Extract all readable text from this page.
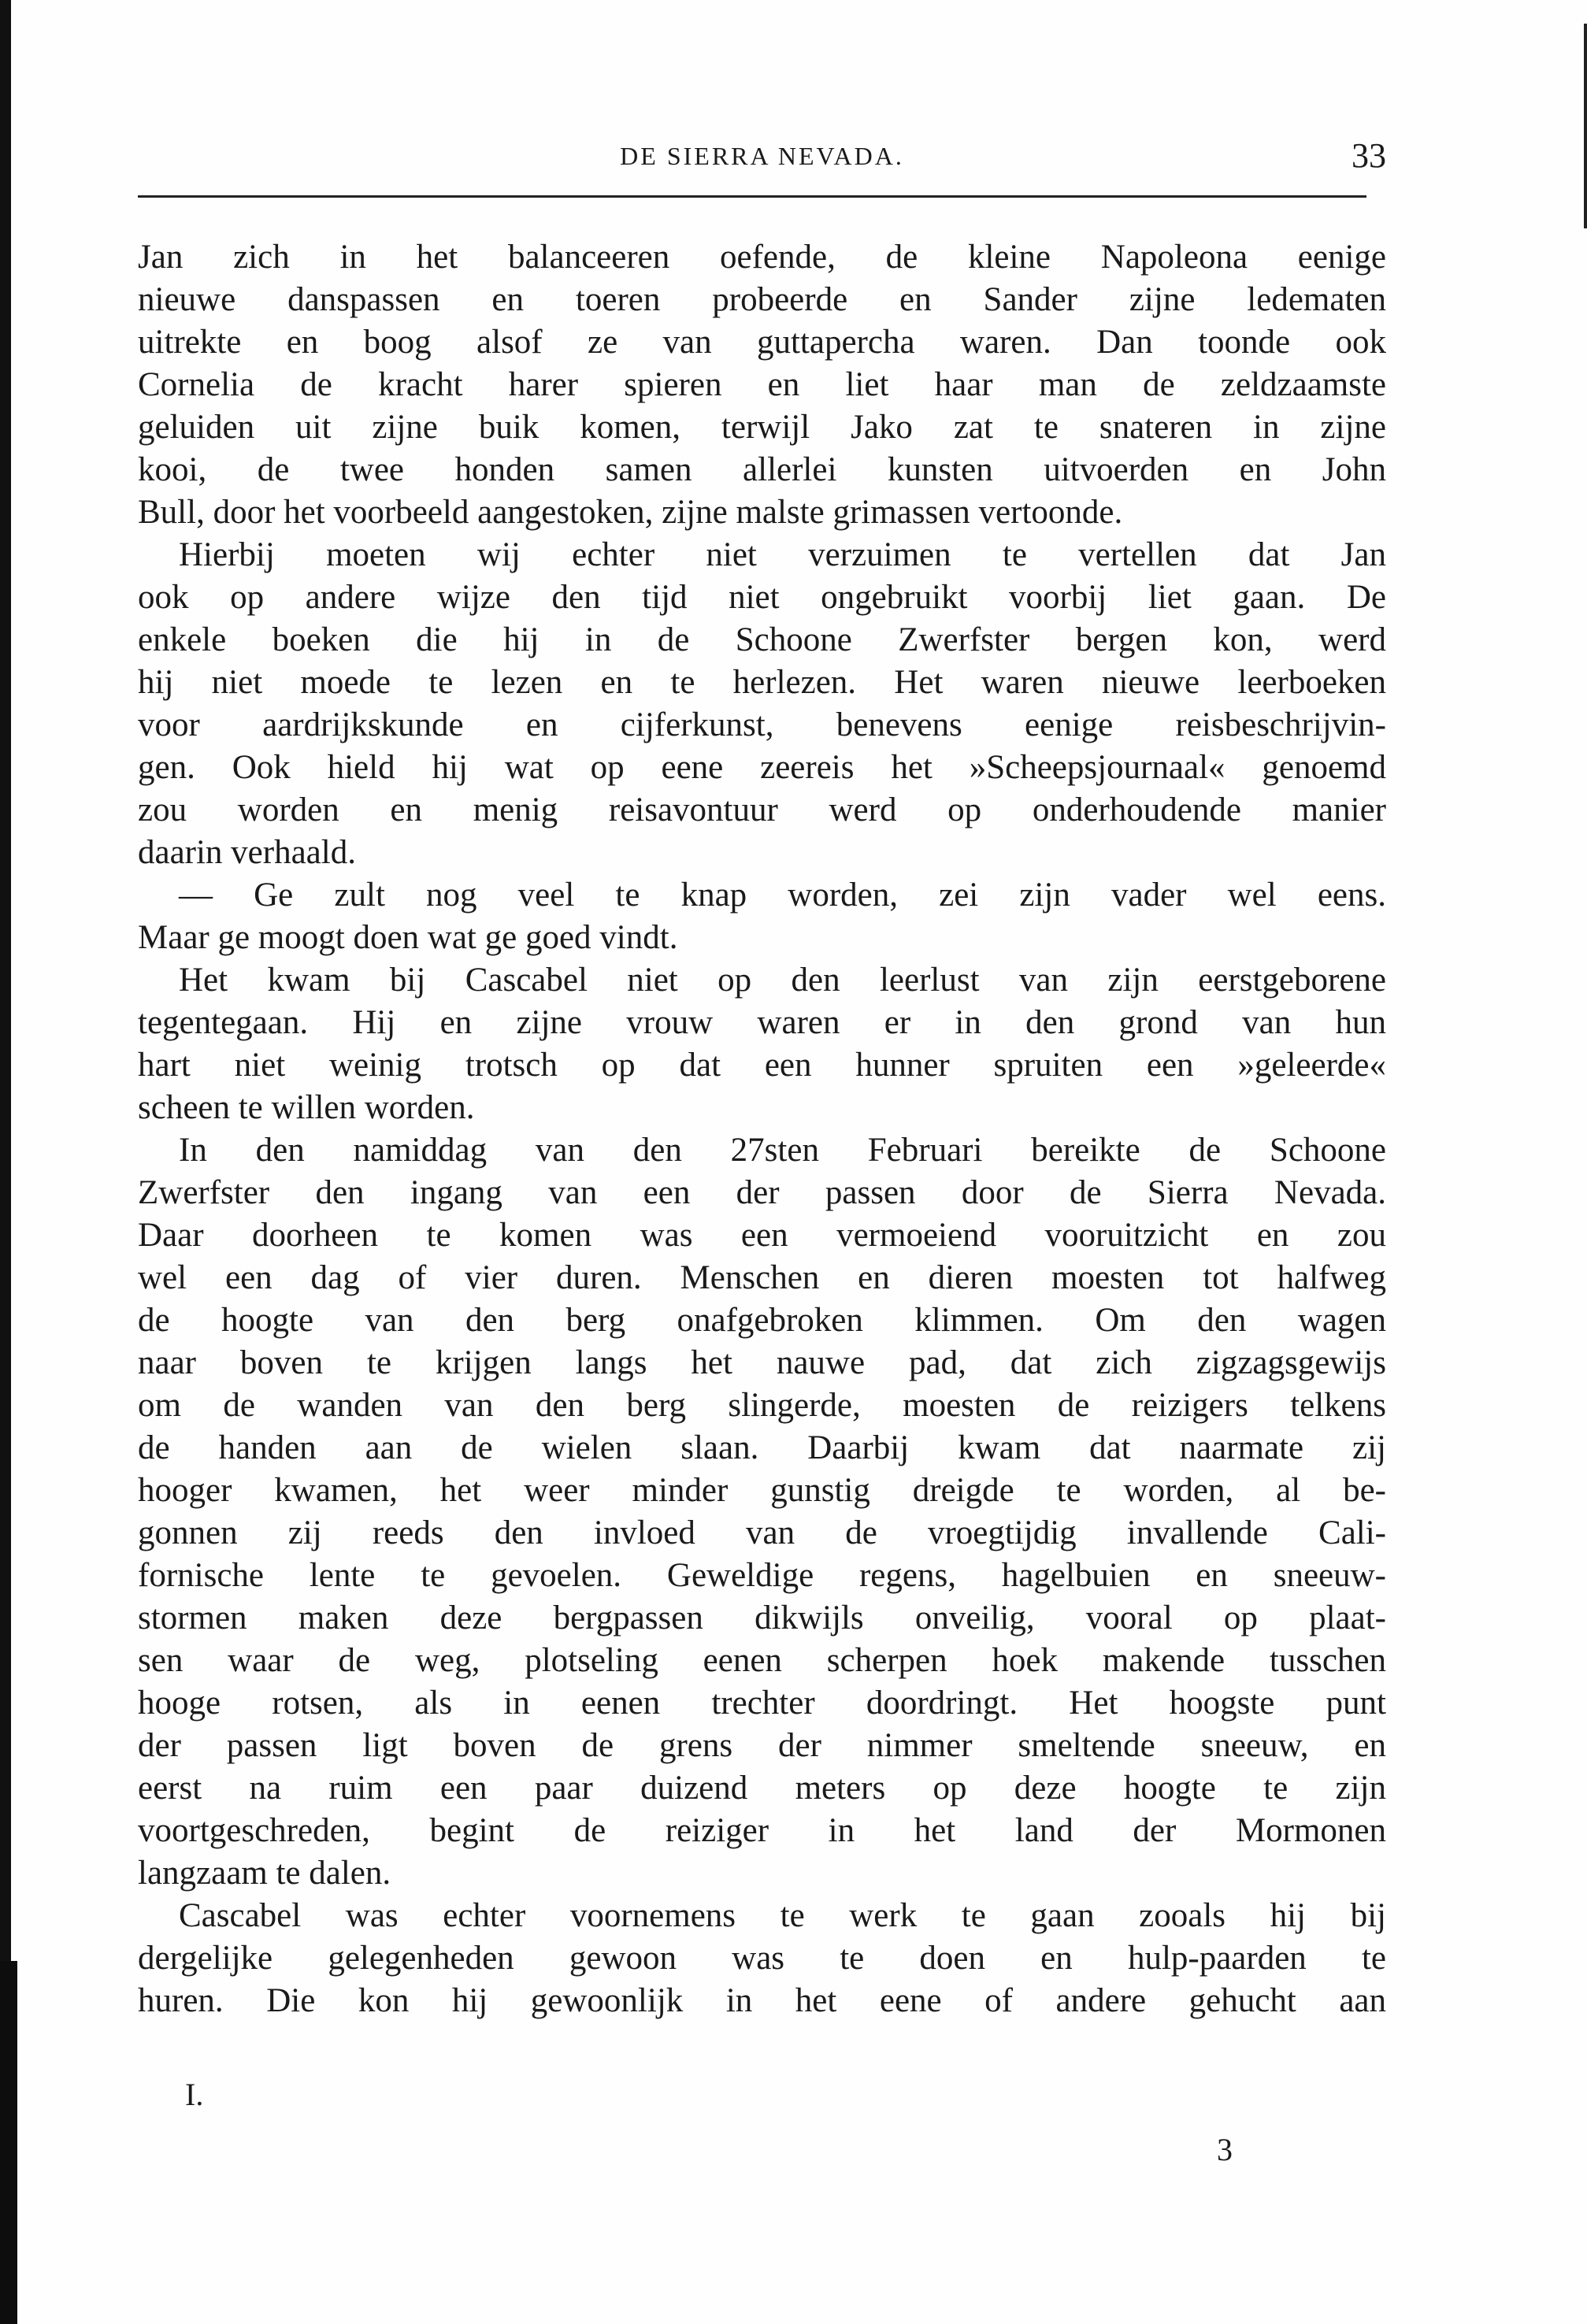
DE SIERRA NEVADA.	33
Jan zich in het balanceeren oefende, de kleine Napoleona eenige
nieuwe danspassen en toeren probeerde en Sander zijne ledematen
uitrekte en boog alsof ze van guttapercha waren. Dan toonde ook
Cornelia de kracht harer spieren en liet haar man de zeldzaamste
geluiden uit zijne buik komen, terwijl Jako zat te snateren in zijne
kooi, de twee honden samen allerlei kunsten uitvoerden en John
Bull, door het voorbeeld aangestoken, zijne malste grimassen vertoonde.
Hierbij moeten wij echter niet verzuimen te vertellen dat Jan
ook op andere wijze den tijd niet ongebruikt voorbij liet gaan. De
enkele boeken die hij in de Schoone Zwerfster bergen kon, werd
hij niet moede te lezen en te herlezen. Het waren nieuwe leerboeken
voor aardrijkskunde en cijferkunst, benevens eenige reisbeschrijvin-
gen. Ook hield hij wat op eene zeereis het »Scheepsjournaal« genoemd
zou worden en menig reisavontuur werd op onderhoudende manier
daarin verhaald.
— Ge zult nog veel te knap worden, zei zijn vader wel eens.
Maar ge moogt doen wat ge goed vindt.
Het kwam bij Cascabel niet op den leerlust van zijn eerstgeborene
tegentegaan. Hij en zijne vrouw waren er in den grond van hun
hart niet weinig trotsch op dat een hunner spruiten een »geleerde«
scheen te willen worden.
In den namiddag van den 27sten Februari bereikte de Schoone
Zwerfster den ingang van een der passen door de Sierra Nevada.
Daar doorheen te komen was een vermoeiend vooruitzicht en zou
wel een dag of vier duren. Menschen en dieren moesten tot halfweg
de hoogte van den berg onafgebroken klimmen. Om den wagen
naar boven te krijgen langs het nauwe pad, dat zich zigzagsgewijs
om de wanden van den berg slingerde, moesten de reizigers telkens
de handen aan de wielen slaan. Daarbij kwam dat naarmate zij
hooger kwamen, het weer minder gunstig dreigde te worden, al be-
gonnen zij reeds den invloed van de vroegtijdig invallende Cali-
fornische lente te gevoelen. Geweldige regens, hagelbuien en sneeuw-
stormen maken deze bergpassen dikwijls onveilig, vooral op plaat-
sen waar de weg, plotseling eenen scherpen hoek makende tusschen
hooge rotsen, als in eenen trechter doordringt. Het hoogste punt
der passen ligt boven de grens der nimmer smeltende sneeuw, en
eerst na ruim een paar duizend meters op deze hoogte te zijn
voortgeschreden, begint de reiziger in het land der Mormonen
langzaam te dalen.
Cascabel was echter voornemens te werk te gaan zooals hij bij
dergelijke gelegenheden gewoon was te doen en hulp-paarden te
huren. Die kon hij gewoonlijk in het eene of andere gehucht aan
I.
3
